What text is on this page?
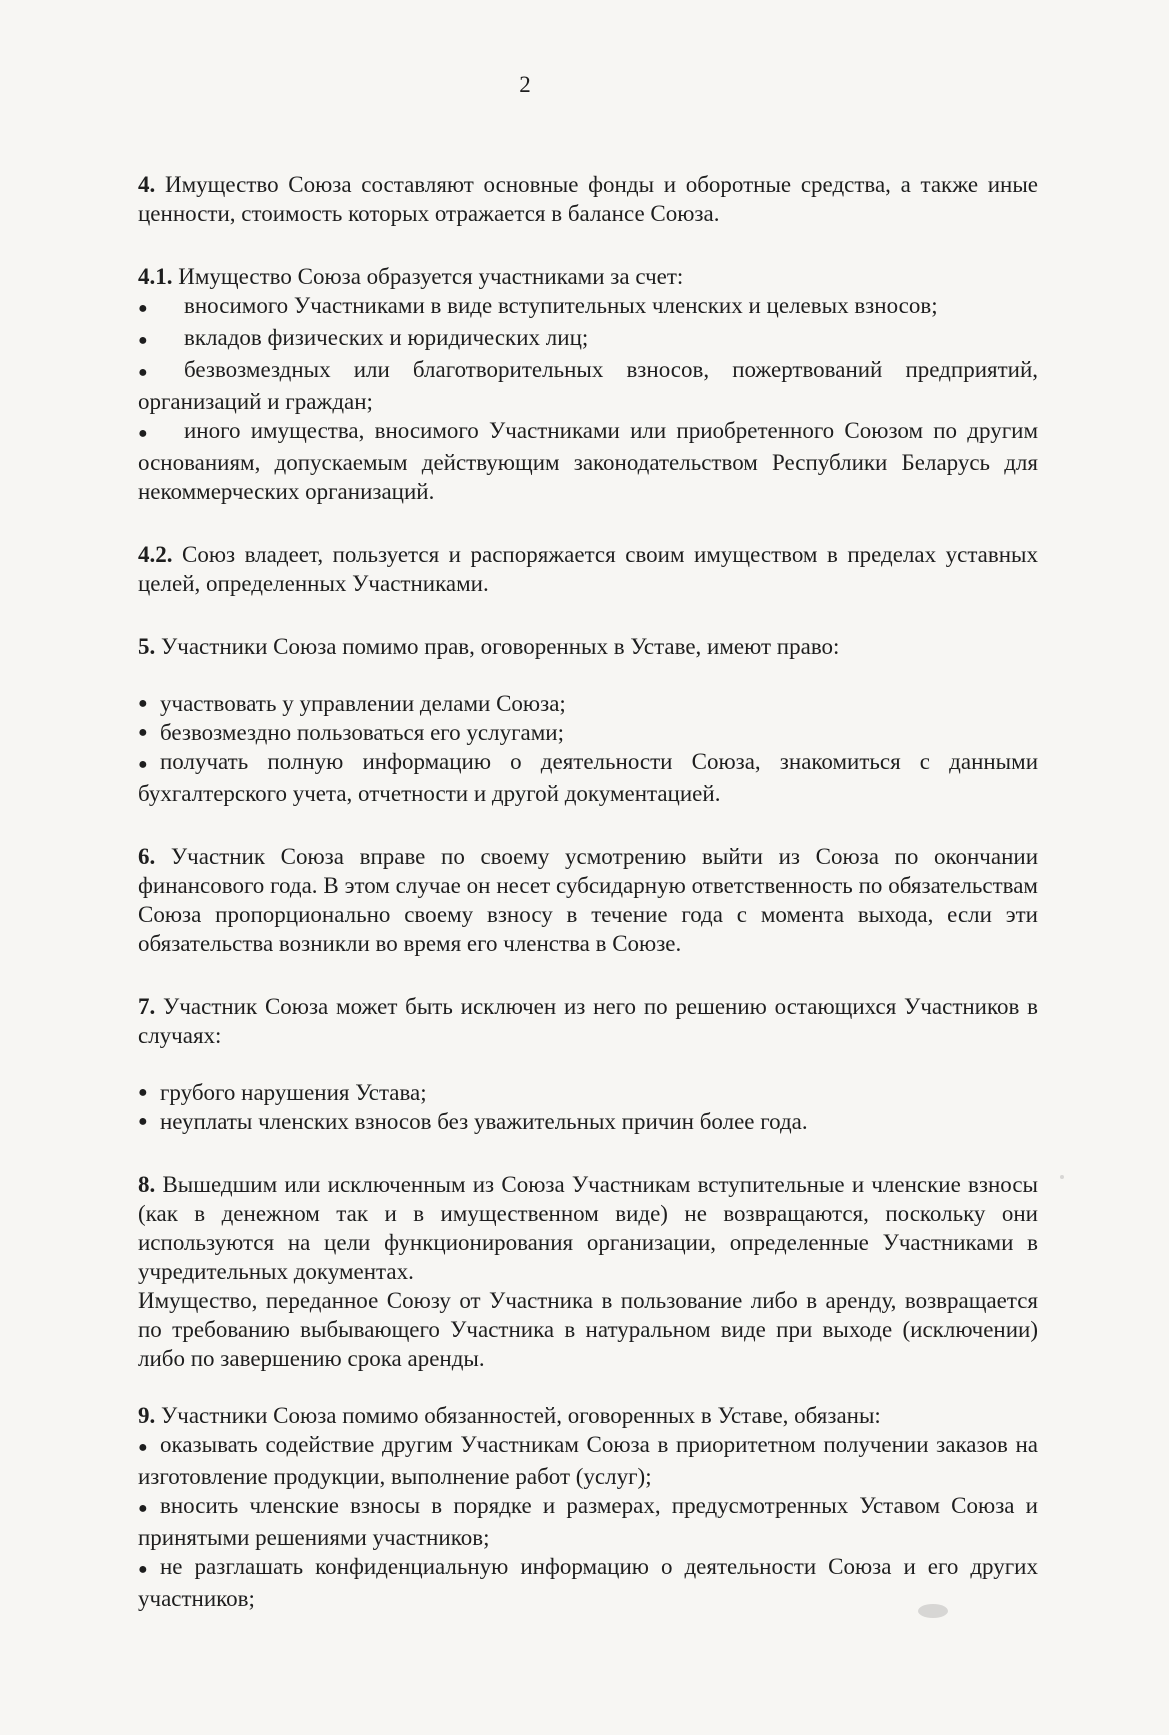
2

4. Имущество Союза составляют основные фонды и оборотные средства, а также иные ценности, стоимость которых отражается в балансе Союза.

4.1. Имущество Союза образуется участниками за счет:

● вносимого Участниками в виде вступительных членских и целевых взносов;

● вкладов физических и юридических лиц;

● безвозмездных или благотворительных взносов, пожертвований предприятий, организаций и граждан;

● иного имущества, вносимого Участниками или приобретенного Союзом по другим основаниям, допускаемым действующим законодательством Республики Беларусь для некоммерческих организаций.

4.2. Союз владеет, пользуется и распоряжается своим имуществом в пределах уставных целей, определенных Участниками.

5. Участники Союза помимо прав, оговоренных в Уставе, имеют право:

● участвовать у управлении делами Союза;

● безвозмездно пользоваться его услугами;

● получать полную информацию о деятельности Союза, знакомиться с данными бухгалтерского учета, отчетности и другой документацией.

6. Участник Союза вправе по своему усмотрению выйти из Союза по окончании финансового года. В этом случае он несет субсидарную ответственность по обязательствам Союза пропорционально своему взносу в течение года с момента выхода, если эти обязательства возникли во время его членства в Союзе.

7. Участник Союза может быть исключен из него по решению остающихся Участников в случаях:

● грубого нарушения Устава;

● неуплаты членских взносов без уважительных причин более года.

8. Вышедшим или исключенным из Союза Участникам вступительные и членские взносы (как в денежном так и в имущественном виде) не возвращаются, поскольку они используются на цели функционирования организации, определенные Участниками в учредительных документах.

Имущество, переданное Союзу от Участника в пользование либо в аренду, возвращается по требованию выбывающего Участника в натуральном виде при выходе (исключении) либо по завершению срока аренды.

9. Участники Союза помимо обязанностей, оговоренных в Уставе, обязаны:

● оказывать содействие другим Участникам Союза в приоритетном получении заказов на изготовление продукции, выполнение работ (услуг);

● вносить членские взносы в порядке и размерах, предусмотренных Уставом Союза и принятыми решениями участников;

● не разглашать конфиденциальную информацию о деятельности Союза и его других участников;
